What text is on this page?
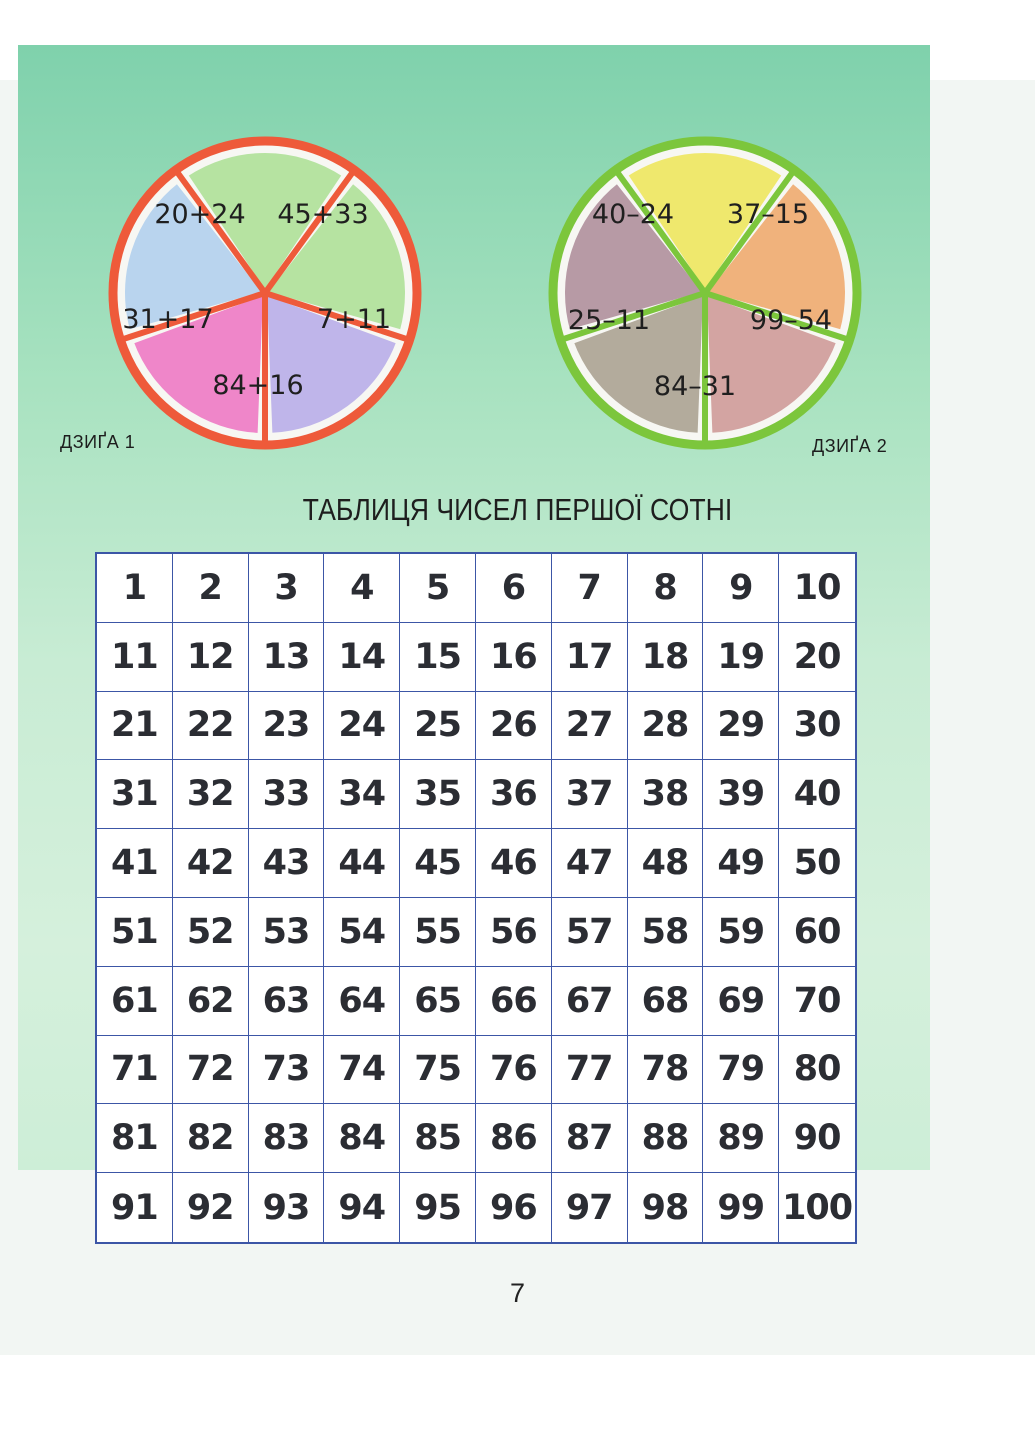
20+24 45+33
7+11
84+16
31+17
ДЗИҐА 1
40–24 37–15
99–54
84–31
25–11
ДЗИҐА 2
ТАБЛИЦЯ ЧИСЕЛ ПЕРШОЇ СОТНІ
1	2	3	4	5	6	7	8	9	10
11 12 13 14 15 16 17 18 19 20
21 22 23 24 25 26 27 28 29 30
31 32 33 34 35 36 37 38 39 40
41 42 43 44 45 46 47 48 49 50
51 52 53 54 55 56 57 58 59 60
61 62 63 64 65 66 67 68 69 70
71 72 73 74 75 76 77 78 79 80
81 82 83 84 85 86 87 88 89 90
91 92 93 94 95 96 97 98 99 100
7
